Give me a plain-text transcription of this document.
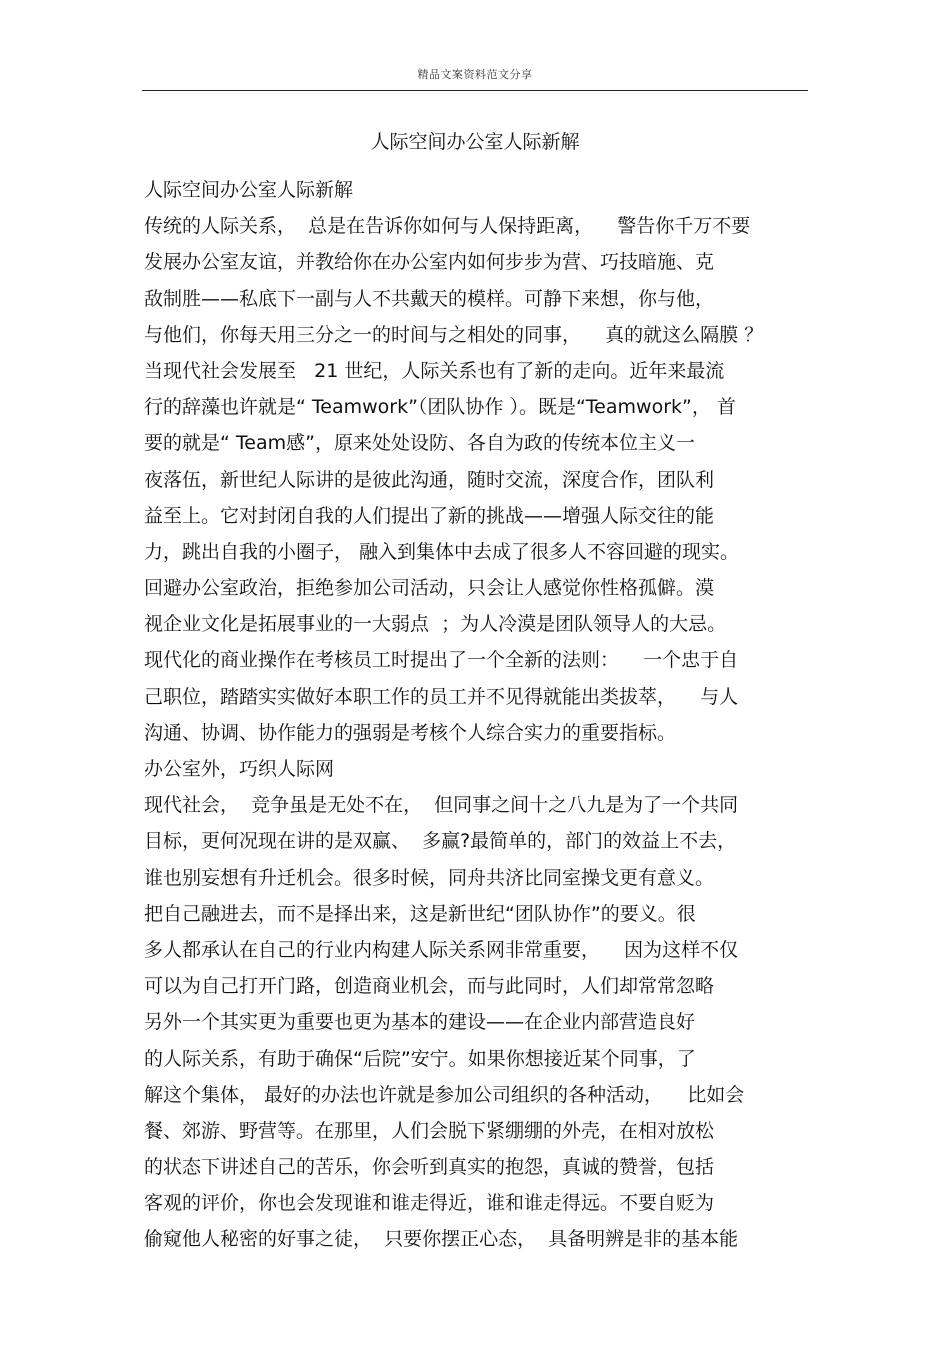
精品文案资料范文分享
人际空间办公室人际新解
人际空间办公室人际新解
传统的人际关系，  总是在告诉你如何与人保持距离，    警告你千万不要
发展办公室友谊，并教给你在办公室内如何步步为营、巧技暗施、克
敌制胜——私底下一副与人不共戴天的模样。可静下来想，你与他，
与他们，你每天用三分之一的时间与之相处的同事，    真的就这么隔膜 ？
当现代社会发展至   21 世纪，人际关系也有了新的走向。近年来最流
行的辞藻也许就是“ Teamwork”（团队协作 ）。既是“Teamwork”， 首
要的就是“ Team感”，原来处处设防、各自为政的传统本位主义一
夜落伍，新世纪人际讲的是彼此沟通，随时交流，深度合作，团队利
益至上。它对封闭自我的人们提出了新的挑战——增强人际交往的能
力，跳出自我的小圈子， 融入到集体中去成了很多人不容回避的现实。
回避办公室政治，拒绝参加公司活动，只会让人感觉你性格孤僻。漠
视企业文化是拓展事业的一大弱点  ；为人冷漠是团队领导人的大忌。
现代化的商业操作在考核员工时提出了一个全新的法则：    一个忠于自
己职位，踏踏实实做好本职工作的员工并不见得就能出类拔萃，    与人
沟通、协调、协作能力的强弱是考核个人综合实力的重要指标。
办公室外，巧织人际网
现代社会，  竞争虽是无处不在，  但同事之间十之八九是为了一个共同
目标，更何况现在讲的是双赢、  多赢?最简单的，部门的效益上不去，
谁也别妄想有升迁机会。很多时候，同舟共济比同室操戈更有意义。
把自己融进去，而不是择出来，这是新世纪“团队协作”的要义。很
多人都承认在自己的行业内构建人际关系网非常重要，    因为这样不仅
可以为自己打开门路，创造商业机会，而与此同时，人们却常常忽略
另外一个其实更为重要也更为基本的建设——在企业内部营造良好
的人际关系，有助于确保“后院”安宁。如果你想接近某个同事，了
解这个集体， 最好的办法也许就是参加公司组织的各种活动，    比如会
餐、郊游、野营等。在那里，人们会脱下紧绷绷的外壳，在相对放松
的状态下讲述自己的苦乐，你会听到真实的抱怨，真诚的赞誉，包括
客观的评价，你也会发现谁和谁走得近，谁和谁走得远。不要自贬为
偷窥他人秘密的好事之徒，  只要你摆正心态，  具备明辨是非的基本能
